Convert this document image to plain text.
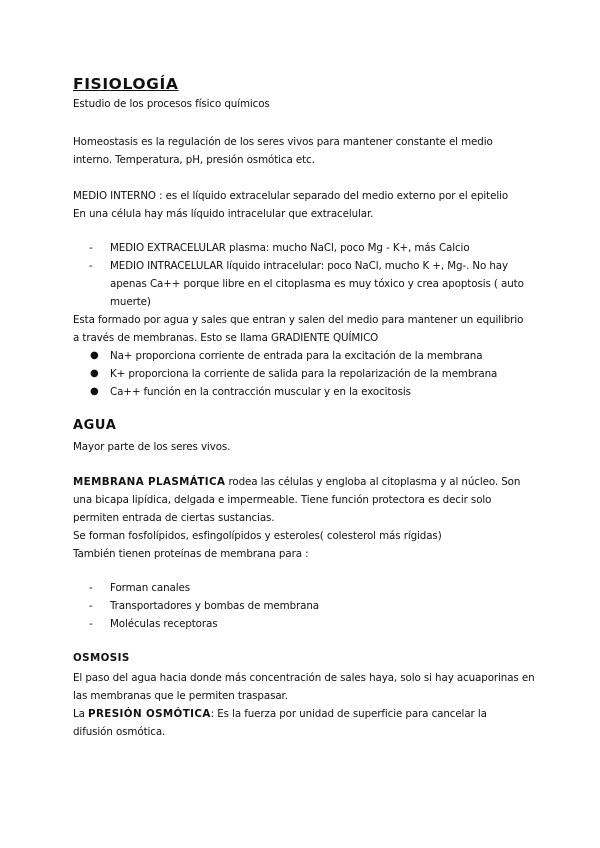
FISIOLOGÍA
Estudio de los procesos físico químicos
Homeostasis es la regulación de los seres vivos para mantener constante el medio
interno. Temperatura, pH, presión osmótica etc.
MEDIO INTERNO : es el líquido extracelular separado del medio externo por el epitelio
En una célula hay más líquido intracelular que extracelular.
- MEDIO EXTRACELULAR plasma: mucho NaCl, poco Mg - K+, más Calcio
- MEDIO INTRACELULAR líquido intracelular: poco NaCl, mucho K +, Mg-. No hay
apenas Ca++ porque libre en el citoplasma es muy tóxico y crea apoptosis ( auto
muerte)
Esta formado por agua y sales que entran y salen del medio para mantener un equilibrio
a través de membranas. Esto se llama GRADIENTE QUÍMICO
● Na+ proporciona corriente de entrada para la excitación de la membrana
● K+ proporciona la corriente de salida para la repolarización de la membrana
● Ca++ función en la contracción muscular y en la exocitosis
AGUA
Mayor parte de los seres vivos.
MEMBRANA PLASMÁTICA rodea las células y engloba al citoplasma y al núcleo. Son
una bicapa lipídica, delgada e impermeable. Tiene función protectora es decir solo
permiten entrada de ciertas sustancias.
Se forman fosfolípidos, esfingolípidos y esteroles( colesterol más rígidas)
También tienen proteínas de membrana para :
- Forman canales
- Transportadores y bombas de membrana
- Moléculas receptoras
OSMOSIS
El paso del agua hacia donde más concentración de sales haya, solo si hay acuaporinas en
las membranas que le permiten traspasar.
La PRESIÓN OSMÓTICA: Es la fuerza por unidad de superficie para cancelar la
difusión osmótica.
